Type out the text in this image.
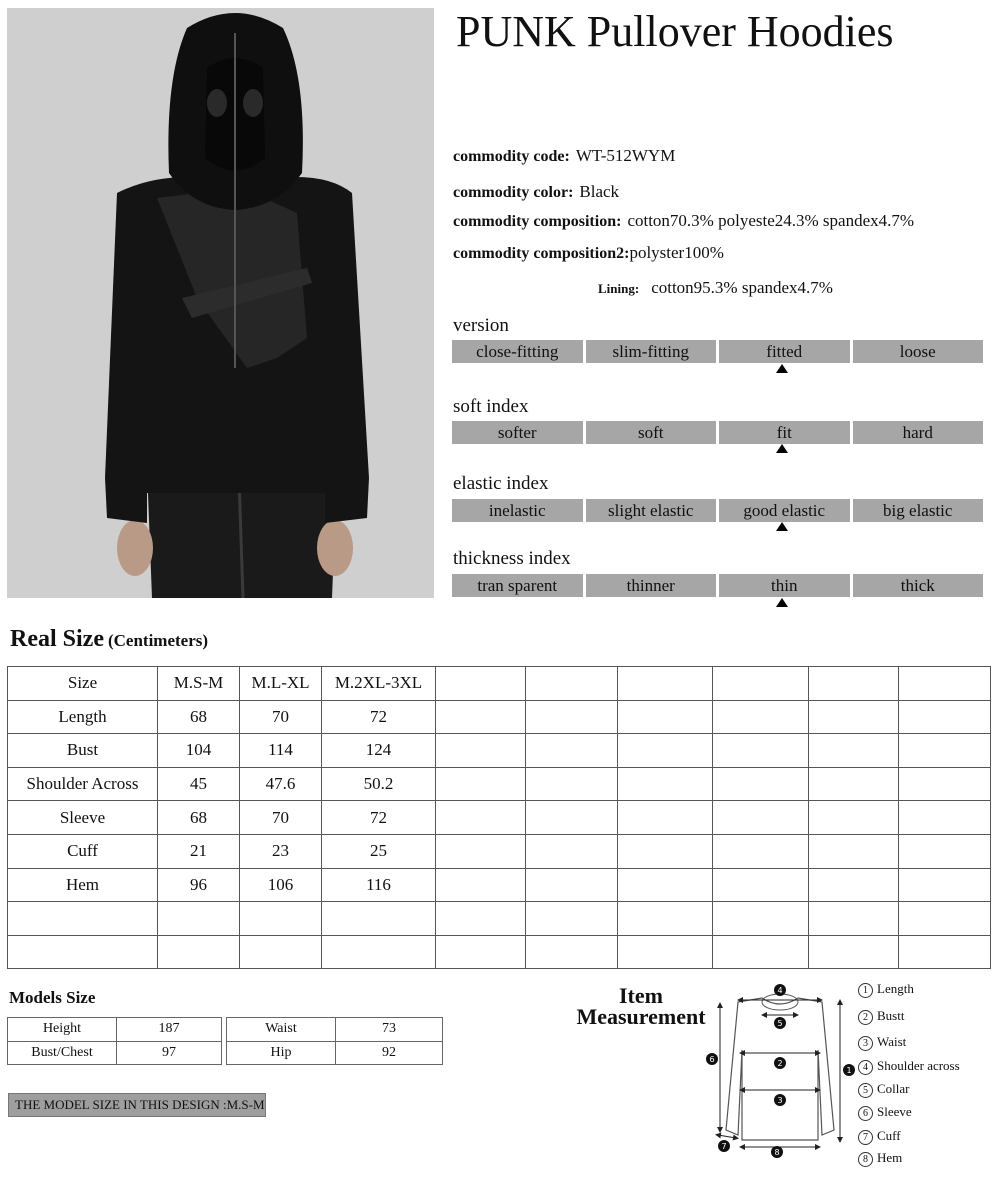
PUNK Pullover Hoodies
commodity code: WT-512WYM
commodity color: Black
commodity composition: cotton70.3% polyeste24.3% spandex4.7%
commodity composition2:polyster100%
Lining: cotton95.3% spandex4.7%
version
close-fitting	slim-fitting	fitted	loose
soft index
softer	soft	fit	hard
elastic index
inelastic	slight elastic	good elastic	big elastic
thickness index
tran sparent	thinner	thin	thick
Real Size (Centimeters)
Size	M.S-M	M.L-XL	M.2XL-3XL						
Length	68	70	72						
Bust	104	114	124						
Shoulder Across	45	47.6	50.2						
Sleeve	68	70	72						
Cuff	21	23	25						
Hem	96	106	116						

Models Size
Height	187
Bust/Chest	97
Waist	73
Hip	92
THE MODEL SIZE IN THIS DESIGN :M.S-M
Item
Measurement
4
5
2
3
1
6
7
8
1 Length
2 Bustt
3 Waist
4 Shoulder across
5 Collar
6 Sleeve
7 Cuff
8 Hem
